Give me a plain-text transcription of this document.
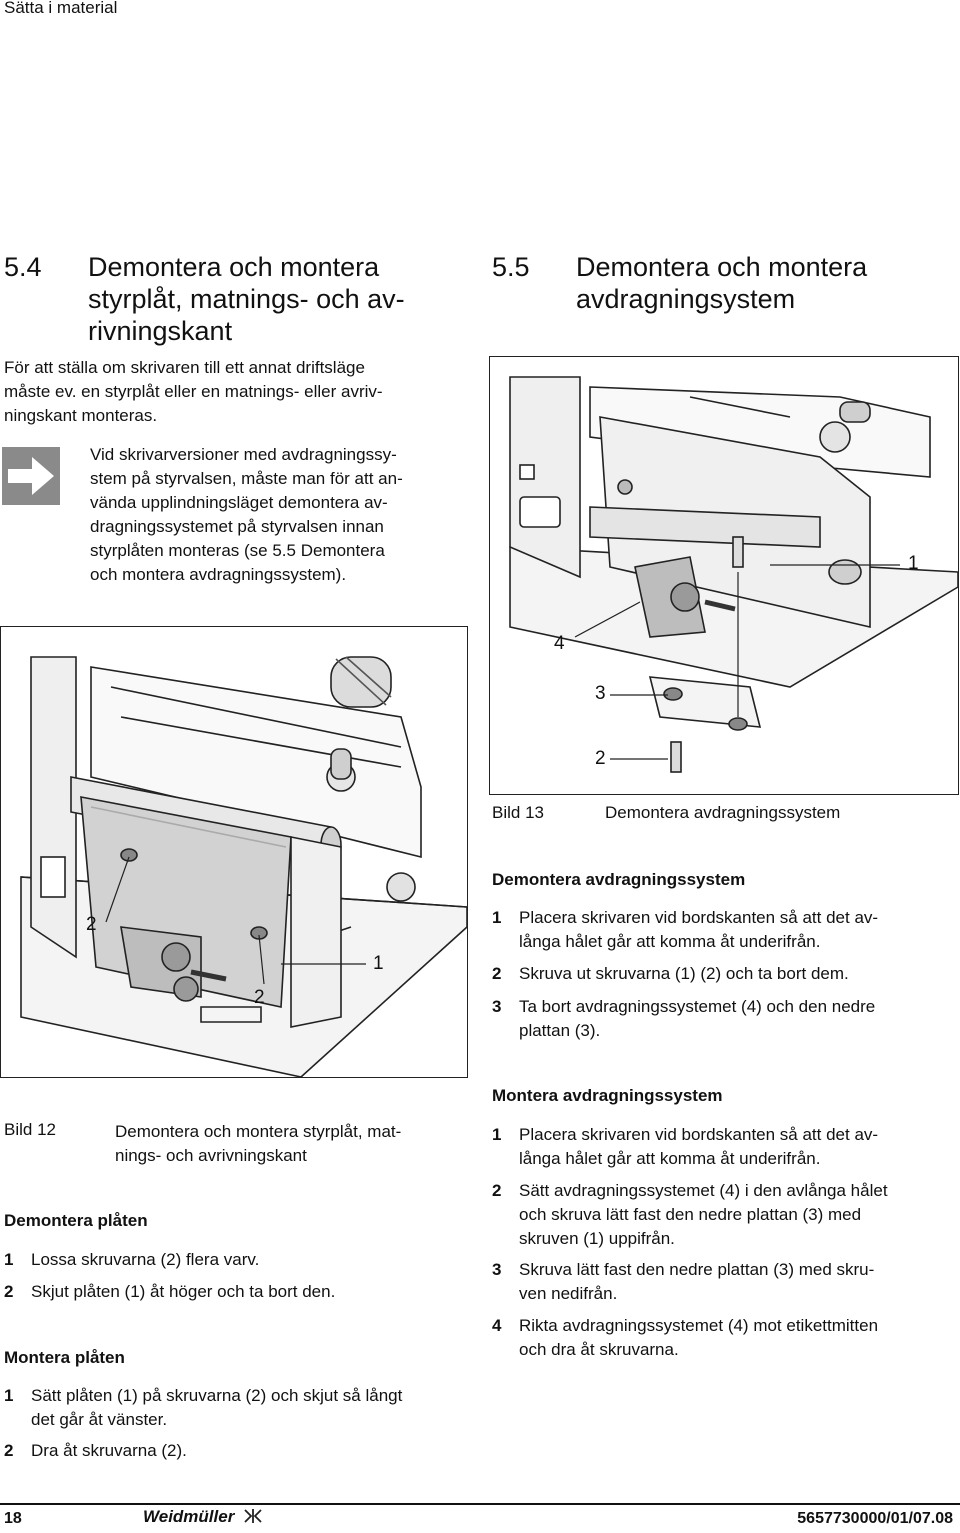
Sätta i material
5.4 Demontera och montera
styrplåt, matnings- och av-
rivningskant
För att ställa om skrivaren till ett annat driftsläge
måste ev. en styrplåt eller en matnings- eller avriv-
ningskant monteras.
Vid skrivarversioner med avdragningssy-
stem på styrvalsen, måste man för att an-
vända upplindningsläget demontera av-
dragningssystemet på styrvalsen innan
styrplåten monteras (se 5.5 Demontera
och montera avdragningssystem).
2
2
1
Bild 12	Demontera och montera styrplåt, mat-
nings- och avrivningskant
Demontera plåten
1 Lossa skruvarna (2) flera varv.
2 Skjut plåten (1) åt höger och ta bort den.
Montera plåten
1 Sätt plåten (1) på skruvarna (2) och skjut så långt
det går åt vänster.
2 Dra åt skruvarna (2).
5.5 Demontera och montera
avdragningsystem
1
4
3
2
Bild 13	Demontera avdragningssystem
Demontera avdragningssystem
1 Placera skrivaren vid bordskanten så att det av-
långa hålet går att komma åt underifrån.
2 Skruva ut skruvarna (1) (2) och ta bort dem.
3 Ta bort avdragningssystemet (4) och den nedre
plattan (3).
Montera avdragningssystem
1 Placera skrivaren vid bordskanten så att det av-
långa hålet går att komma åt underifrån.
2 Sätt avdragningssystemet (4) i den avlånga hålet
och skruva lätt fast den nedre plattan (3) med
skruven (1) uppifrån.
3 Skruva lätt fast den nedre plattan (3) med skru-
ven nedifrån.
4 Rikta avdragningssystemet (4) mot etikettmitten
och dra åt skruvarna.
18	Weidmüller	5657730000/01/07.08
